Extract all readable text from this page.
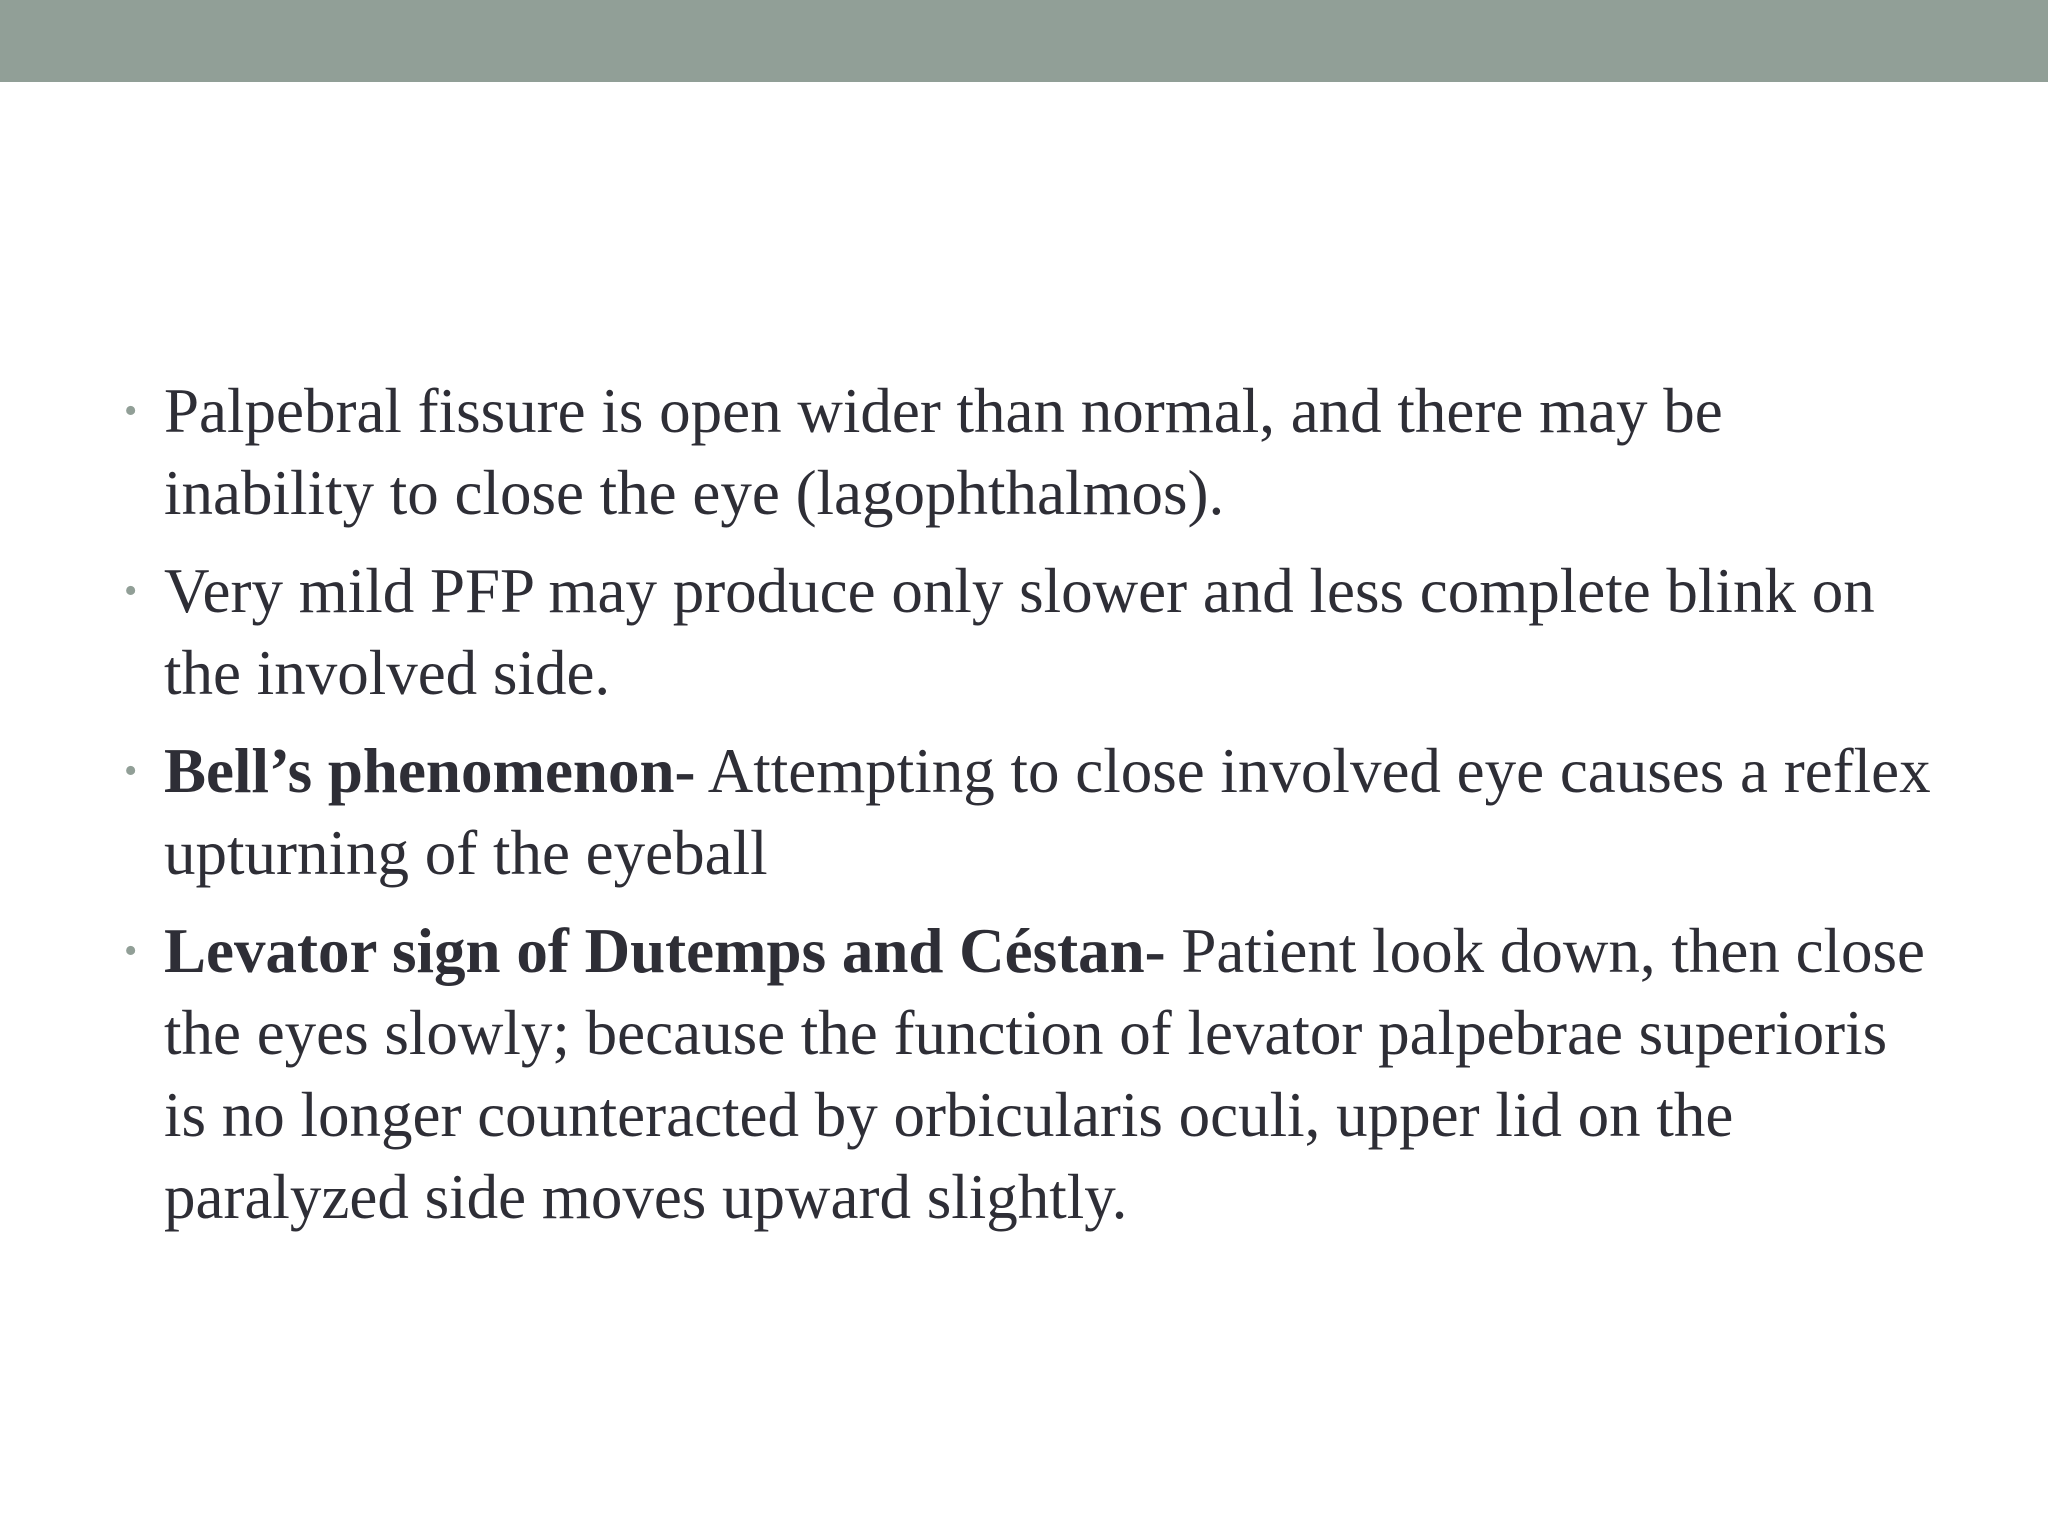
• Palpebral fissure is open wider than normal, and there may be inability to close the eye (lagophthalmos).
• Very mild PFP may produce only slower and less complete blink on the involved side.
• Bell’s phenomenon- Attempting to close involved eye causes a reflex upturning of the eyeball
• Levator sign of Dutemps and Céstan- Patient look down, then close the eyes slowly; because the function of levator palpebrae superioris is no longer counteracted by orbicularis oculi, upper lid on the paralyzed side moves upward slightly.
